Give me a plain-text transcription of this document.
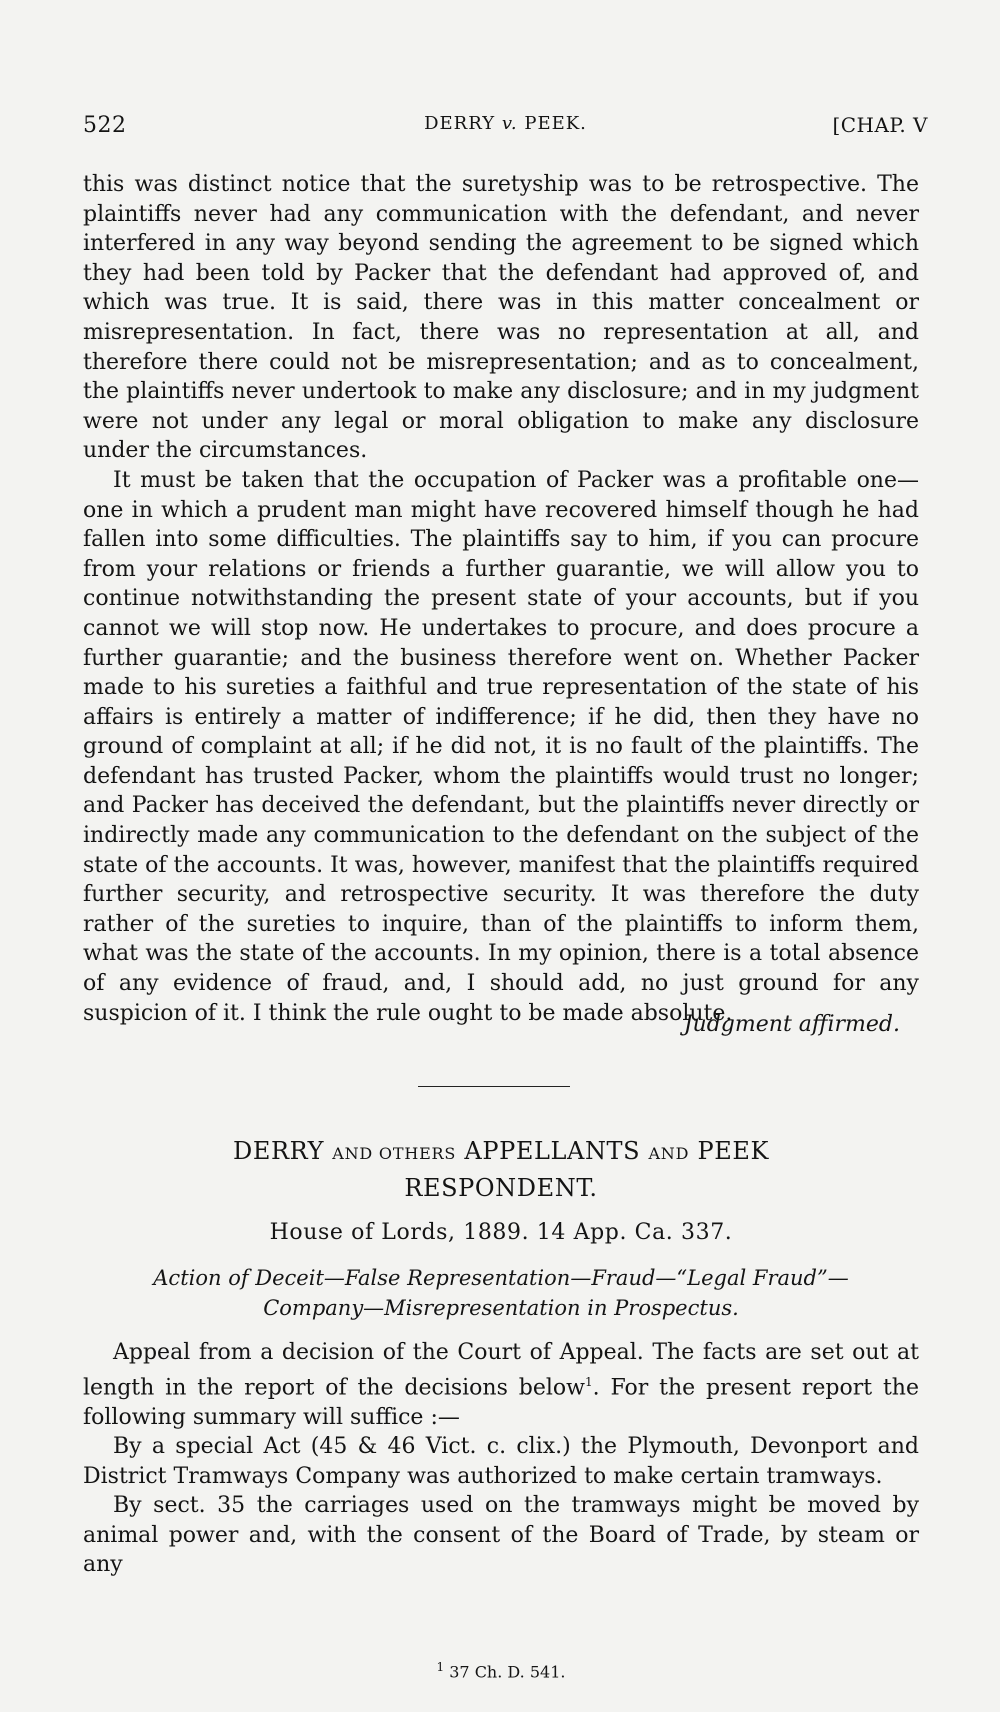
522	DERRY v. PEEK.	[CHAP. V

this was distinct notice that the suretyship was to be retrospective. The plaintiffs never had any communication with the defendant, and never interfered in any way beyond sending the agreement to be signed which they had been told by Packer that the defendant had approved of, and which was true. It is said, there was in this matter concealment or misrepresentation. In fact, there was no representation at all, and therefore there could not be misrepresentation; and as to concealment, the plaintiffs never undertook to make any disclosure; and in my judgment were not under any legal or moral obligation to make any disclosure under the circumstances.

It must be taken that the occupation of Packer was a profitable one—one in which a prudent man might have recovered himself though he had fallen into some difficulties. The plaintiffs say to him, if you can procure from your relations or friends a further guarantie, we will allow you to continue notwithstanding the present state of your accounts, but if you cannot we will stop now. He undertakes to procure, and does procure a further guarantie; and the business therefore went on. Whether Packer made to his sureties a faithful and true representation of the state of his affairs is entirely a matter of indifference; if he did, then they have no ground of complaint at all; if he did not, it is no fault of the plaintiffs. The defendant has trusted Packer, whom the plaintiffs would trust no longer; and Packer has deceived the defendant, but the plaintiffs never directly or indirectly made any communication to the defendant on the subject of the state of the accounts. It was, however, manifest that the plaintiffs required further security, and retrospective security. It was therefore the duty rather of the sureties to inquire, than of the plaintiffs to inform them, what was the state of the accounts. In my opinion, there is a total absence of any evidence of fraud, and, I should add, no just ground for any suspicion of it. I think the rule ought to be made absolute.

Judgment affirmed.
DERRY AND OTHERS APPELLANTS AND PEEK
RESPONDENT.
House of Lords, 1889. 14 App. Ca. 337.
Action of Deceit—False Representation—Fraud—“Legal Fraud”—
Company—Misrepresentation in Prospectus.

Appeal from a decision of the Court of Appeal. The facts are set out at length in the report of the decisions below$^1$. For the present report the following summary will suffice :—

By a special Act (45 & 46 Vict. c. clix.) the Plymouth, Devonport and District Tramways Company was authorized to make certain tramways.

By sect. 35 the carriages used on the tramways might be moved by animal power and, with the consent of the Board of Trade, by steam or any

$^1$ 37 Ch. D. 541.
